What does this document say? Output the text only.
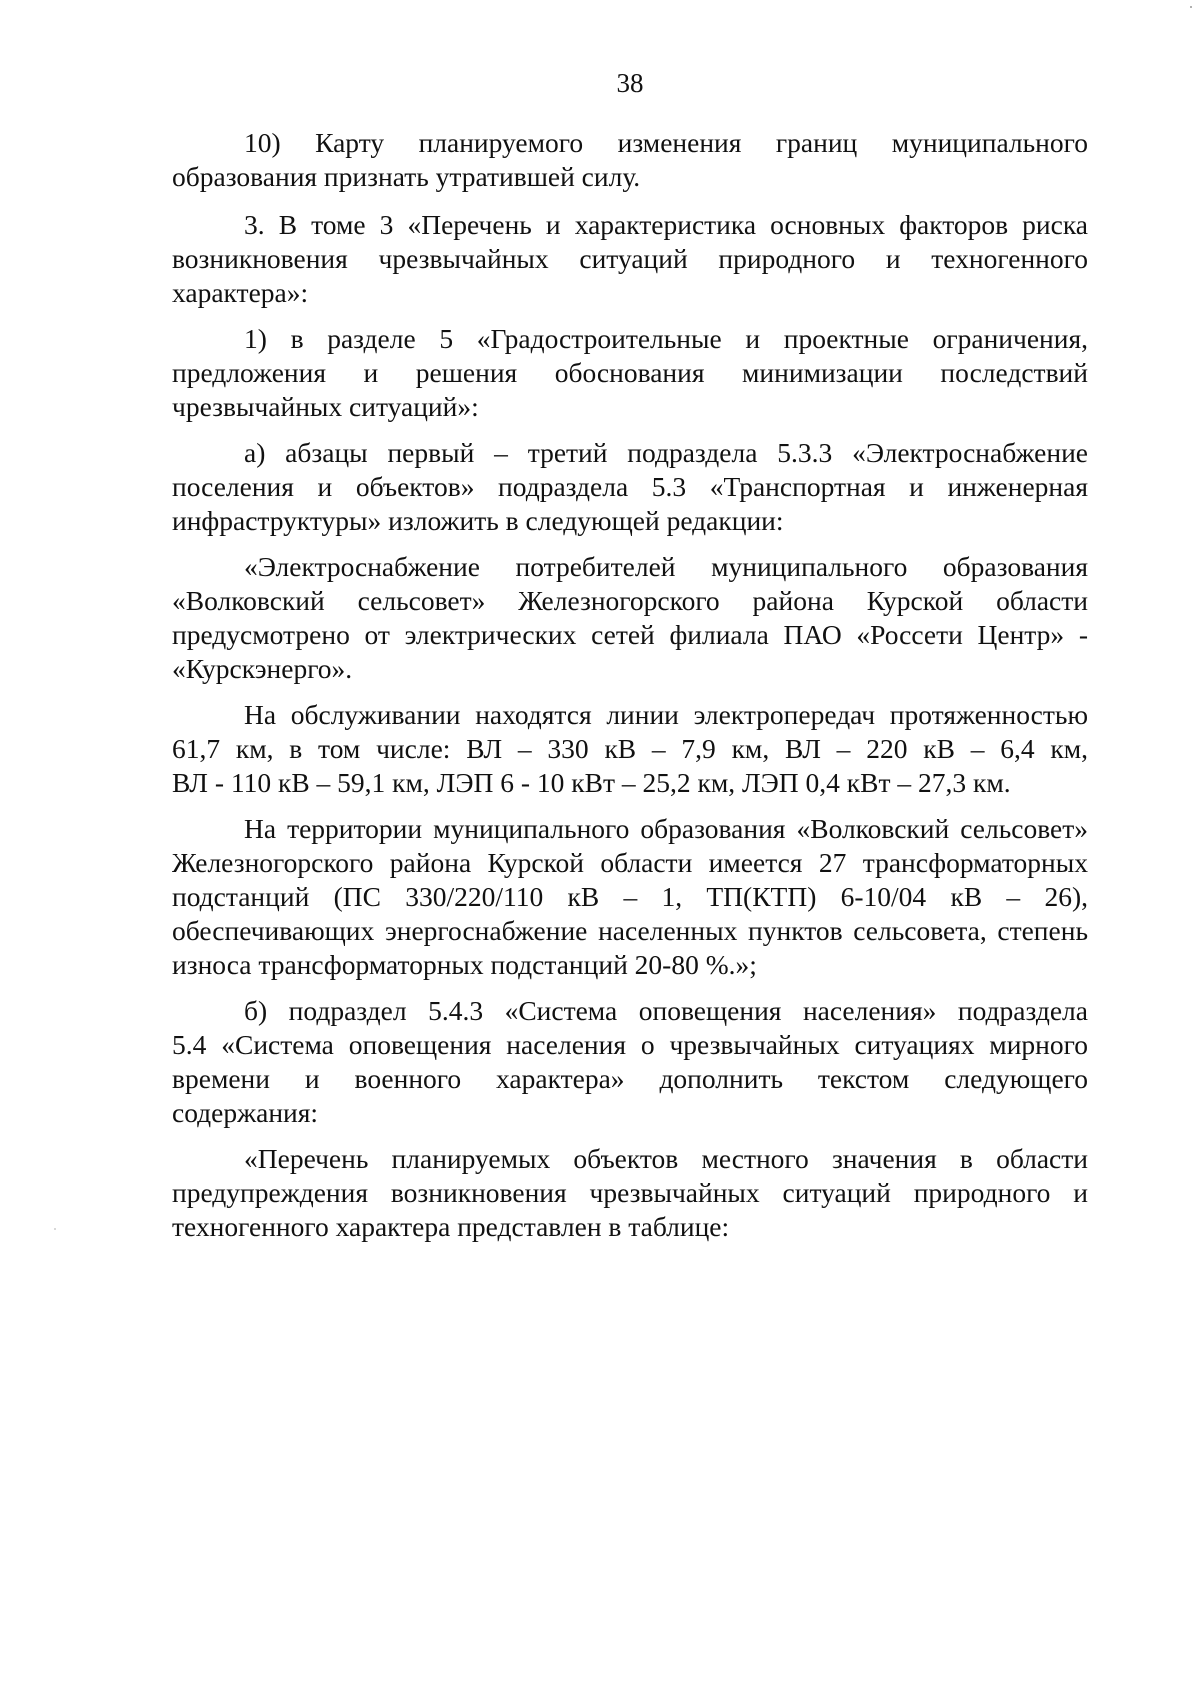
38
10) Карту планируемого изменения границ муниципального
образования признать утратившей силу.
3. В томе 3 «Перечень и характеристика основных факторов риска
возникновения чрезвычайных ситуаций природного и техногенного
характера»:
1) в разделе 5 «Градостроительные и проектные ограничения,
предложения и решения обоснования минимизации последствий
чрезвычайных ситуаций»:
а) абзацы первый – третий подраздела 5.3.3 «Электроснабжение
поселения и объектов» подраздела 5.3 «Транспортная и инженерная
инфраструктуры» изложить в следующей редакции:
«Электроснабжение потребителей муниципального образования
«Волковский сельсовет» Железногорского района Курской области
предусмотрено от электрических сетей филиала ПАО «Россети Центр» -
«Курскэнерго».
На обслуживании находятся линии электропередач протяженностью
61,7 км, в том числе: ВЛ – 330 кВ – 7,9 км, ВЛ – 220 кВ – 6,4 км,
ВЛ - 110 кВ – 59,1 км, ЛЭП 6 - 10 кВт – 25,2 км, ЛЭП 0,4 кВт – 27,3 км.
На территории муниципального образования «Волковский сельсовет»
Железногорского района Курской области имеется 27 трансформаторных
подстанций (ПС 330/220/110 кВ – 1, ТП(КТП) 6-10/04 кВ – 26),
обеспечивающих энергоснабжение населенных пунктов сельсовета, степень
износа трансформаторных подстанций 20-80 %.»;
б) подраздел 5.4.3 «Система оповещения населения» подраздела
5.4 «Система оповещения населения о чрезвычайных ситуациях мирного
времени и военного характера» дополнить текстом следующего
содержания:
«Перечень планируемых объектов местного значения в области
предупреждения возникновения чрезвычайных ситуаций природного и
техногенного характера представлен в таблице:
